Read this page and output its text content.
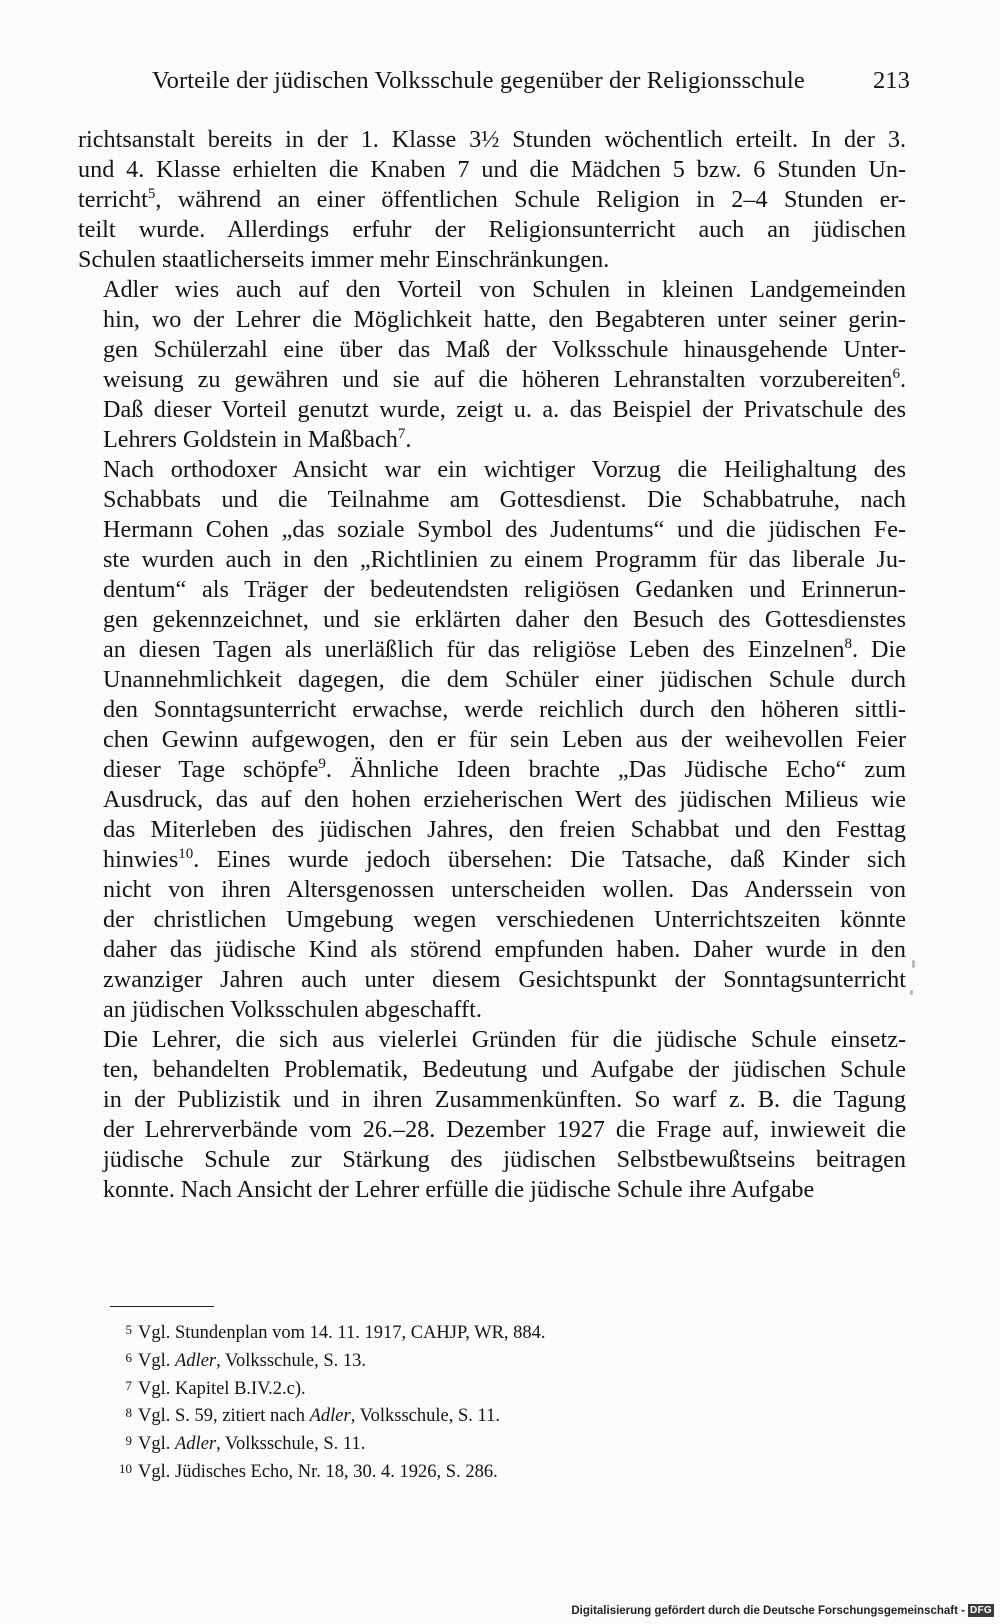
Vorteile der jüdischen Volksschule gegenüber der Religionsschule	213
richtsanstalt bereits in der 1. Klasse 3½ Stunden wöchentlich erteilt. In der 3.
und 4. Klasse erhielten die Knaben 7 und die Mädchen 5 bzw. 6 Stunden Un-
terricht$^5$, während an einer öffentlichen Schule Religion in 2–4 Stunden er-
teilt wurde. Allerdings erfuhr der Religionsunterricht auch an jüdischen
Schulen staatlicherseits immer mehr Einschränkungen.
Adler wies auch auf den Vorteil von Schulen in kleinen Landgemeinden
hin, wo der Lehrer die Möglichkeit hatte, den Begabteren unter seiner gerin-
gen Schülerzahl eine über das Maß der Volksschule hinausgehende Unter-
weisung zu gewähren und sie auf die höheren Lehranstalten vorzubereiten$^6$.
Daß dieser Vorteil genutzt wurde, zeigt u. a. das Beispiel der Privatschule des
Lehrers Goldstein in Maßbach$^7$.
Nach orthodoxer Ansicht war ein wichtiger Vorzug die Heilighaltung des
Schabbats und die Teilnahme am Gottesdienst. Die Schabbatruhe, nach
Hermann Cohen „das soziale Symbol des Judentums“ und die jüdischen Fe-
ste wurden auch in den „Richtlinien zu einem Programm für das liberale Ju-
dentum“ als Träger der bedeutendsten religiösen Gedanken und Erinnerun-
gen gekennzeichnet, und sie erklärten daher den Besuch des Gottesdienstes
an diesen Tagen als unerläßlich für das religiöse Leben des Einzelnen$^8$. Die
Unannehmlichkeit dagegen, die dem Schüler einer jüdischen Schule durch
den Sonntagsunterricht erwachse, werde reichlich durch den höheren sittli-
chen Gewinn aufgewogen, den er für sein Leben aus der weihevollen Feier
dieser Tage schöpfe$^9$. Ähnliche Ideen brachte „Das Jüdische Echo“ zum
Ausdruck, das auf den hohen erzieherischen Wert des jüdischen Milieus wie
das Miterleben des jüdischen Jahres, den freien Schabbat und den Festtag
hinwies$^{10}$. Eines wurde jedoch übersehen: Die Tatsache, daß Kinder sich
nicht von ihren Altersgenossen unterscheiden wollen. Das Anderssein von
der christlichen Umgebung wegen verschiedenen Unterrichtszeiten könnte
daher das jüdische Kind als störend empfunden haben. Daher wurde in den
zwanziger Jahren auch unter diesem Gesichtspunkt der Sonntagsunterricht
an jüdischen Volksschulen abgeschafft.
Die Lehrer, die sich aus vielerlei Gründen für die jüdische Schule einsetz-
ten, behandelten Problematik, Bedeutung und Aufgabe der jüdischen Schule
in der Publizistik und in ihren Zusammenkünften. So warf z. B. die Tagung
der Lehrerverbände vom 26.–28. Dezember 1927 die Frage auf, inwieweit die
jüdische Schule zur Stärkung des jüdischen Selbstbewußtseins beitragen
konnte. Nach Ansicht der Lehrer erfülle die jüdische Schule ihre Aufgabe
5 Vgl. Stundenplan vom 14. 11. 1917, CAHJP, WR, 884.
6 Vgl. Adler, Volksschule, S. 13.
7 Vgl. Kapitel B.IV.2.c).
8 Vgl. S. 59, zitiert nach Adler, Volksschule, S. 11.
9 Vgl. Adler, Volksschule, S. 11.
10 Vgl. Jüdisches Echo, Nr. 18, 30. 4. 1926, S. 286.
Digitalisierung gefördert durch die Deutsche Forschungsgemeinschaft - DFG
